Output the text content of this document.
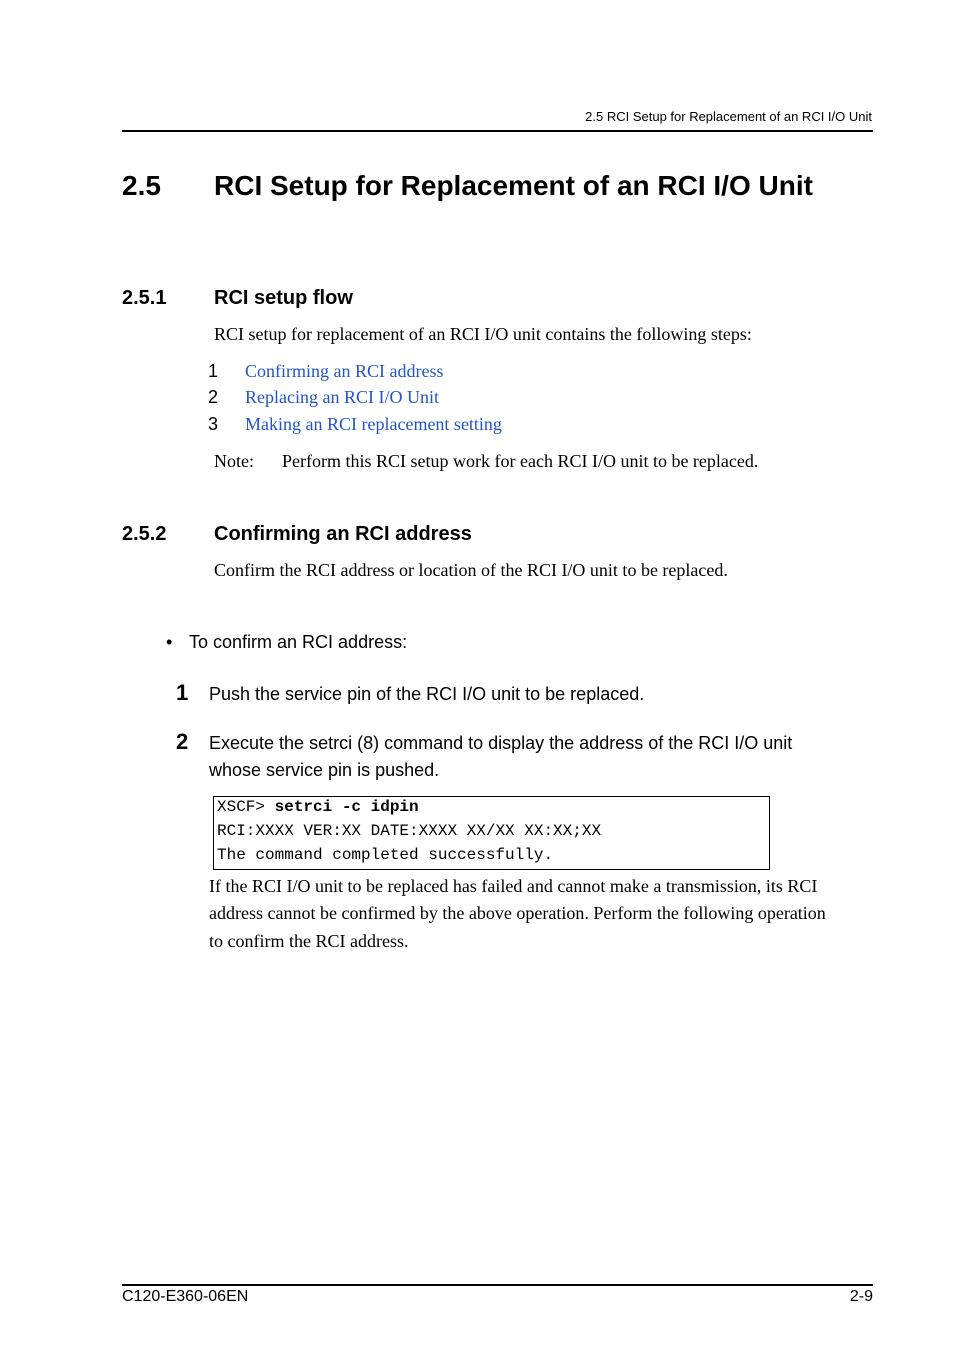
2.5 RCI Setup for Replacement of an RCI I/O Unit
2.5 RCI Setup for Replacement of an RCI I/O Unit
2.5.1 RCI setup flow
RCI setup for replacement of an RCI I/O unit contains the following steps:
1 Confirming an RCI address
2 Replacing an RCI I/O Unit
3 Making an RCI replacement setting
Note: Perform this RCI setup work for each RCI I/O unit to be replaced.
2.5.2 Confirming an RCI address
Confirm the RCI address or location of the RCI I/O unit to be replaced.
• To confirm an RCI address:
1 Push the service pin of the RCI I/O unit to be replaced.
2 Execute the setrci (8) command to display the address of the RCI I/O unit
whose service pin is pushed.
XSCF> setrci -c idpin
RCI:XXXX VER:XX DATE:XXXX XX/XX XX:XX;XX
The command completed successfully.
If the RCI I/O unit to be replaced has failed and cannot make a transmission, its RCI
address cannot be confirmed by the above operation. Perform the following operation
to confirm the RCI address.
C120-E360-06EN	2-9
